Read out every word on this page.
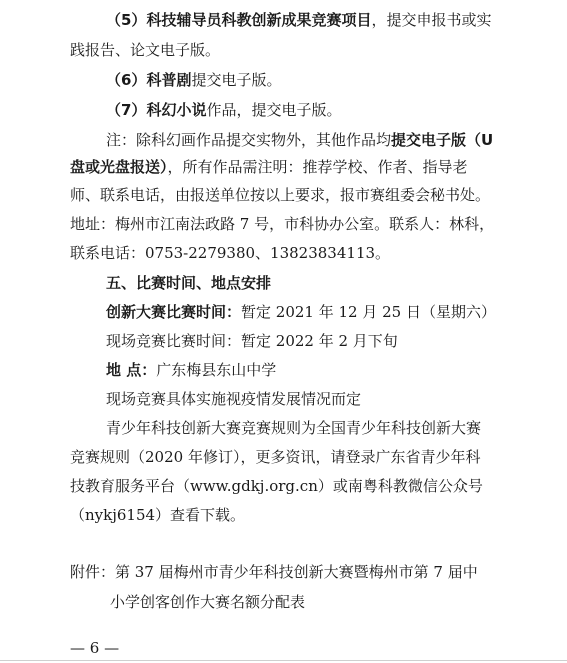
（5）科技辅导员科教创新成果竞赛项目，提交申报书或实
践报告、论文电子版。
（6）科普剧提交电子版。
（7）科幻小说作品，提交电子版。
注：除科幻画作品提交实物外，其他作品均提交电子版（U
盘或光盘报送），所有作品需注明：推荐学校、作者、指导老
师、联系电话，由报送单位按以上要求，报市赛组委会秘书处。
地址：梅州市江南法政路 7 号，市科协办公室。联系人：林科，
联系电话：0753-2279380、13823834113。
五、比赛时间、地点安排
创新大赛比赛时间：暂定 2021 年 12 月 25 日（星期六）
现场竞赛比赛时间：暂定 2022 年 2 月下旬
地 点：广东梅县东山中学
现场竞赛具体实施视疫情发展情况而定
青少年科技创新大赛竞赛规则为全国青少年科技创新大赛
竞赛规则（2020 年修订），更多资讯，请登录广东省青少年科
技教育服务平台（www.gdkj.org.cn）或南粤科教微信公众号
（nykj6154）查看下载。
附件：第 37 届梅州市青少年科技创新大赛暨梅州市第 7 届中
小学创客创作大赛名额分配表
— 6 —
